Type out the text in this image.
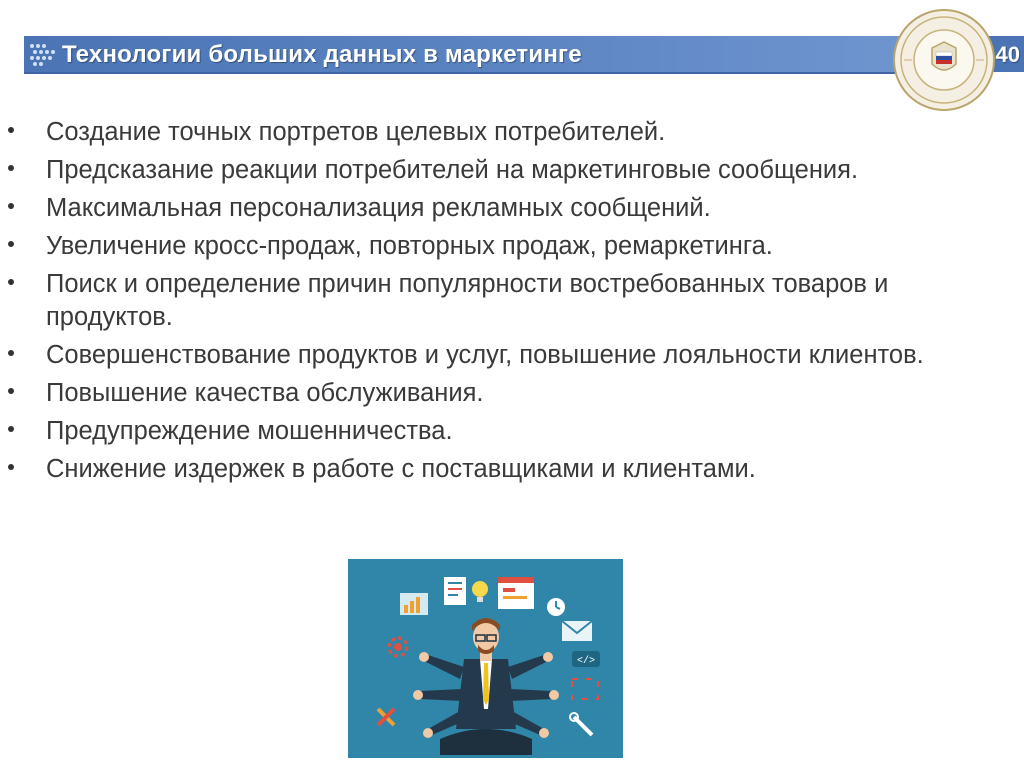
Технологии больших данных в маркетинге	40
Создание точных портретов целевых потребителей.
Предсказание реакции потребителей на маркетинговые сообщения.
Максимальная персонализация рекламных сообщений.
Увеличение кросс-продаж, повторных продаж, ремаркетинга.
Поиск и определение причин популярности востребованных товаров и продуктов.
Совершенствование продуктов и услуг, повышение лояльности клиентов.
Повышение качества обслуживания.
Предупреждение мошенничества.
Снижение издержек в работе с поставщиками и клиентами.
</>
